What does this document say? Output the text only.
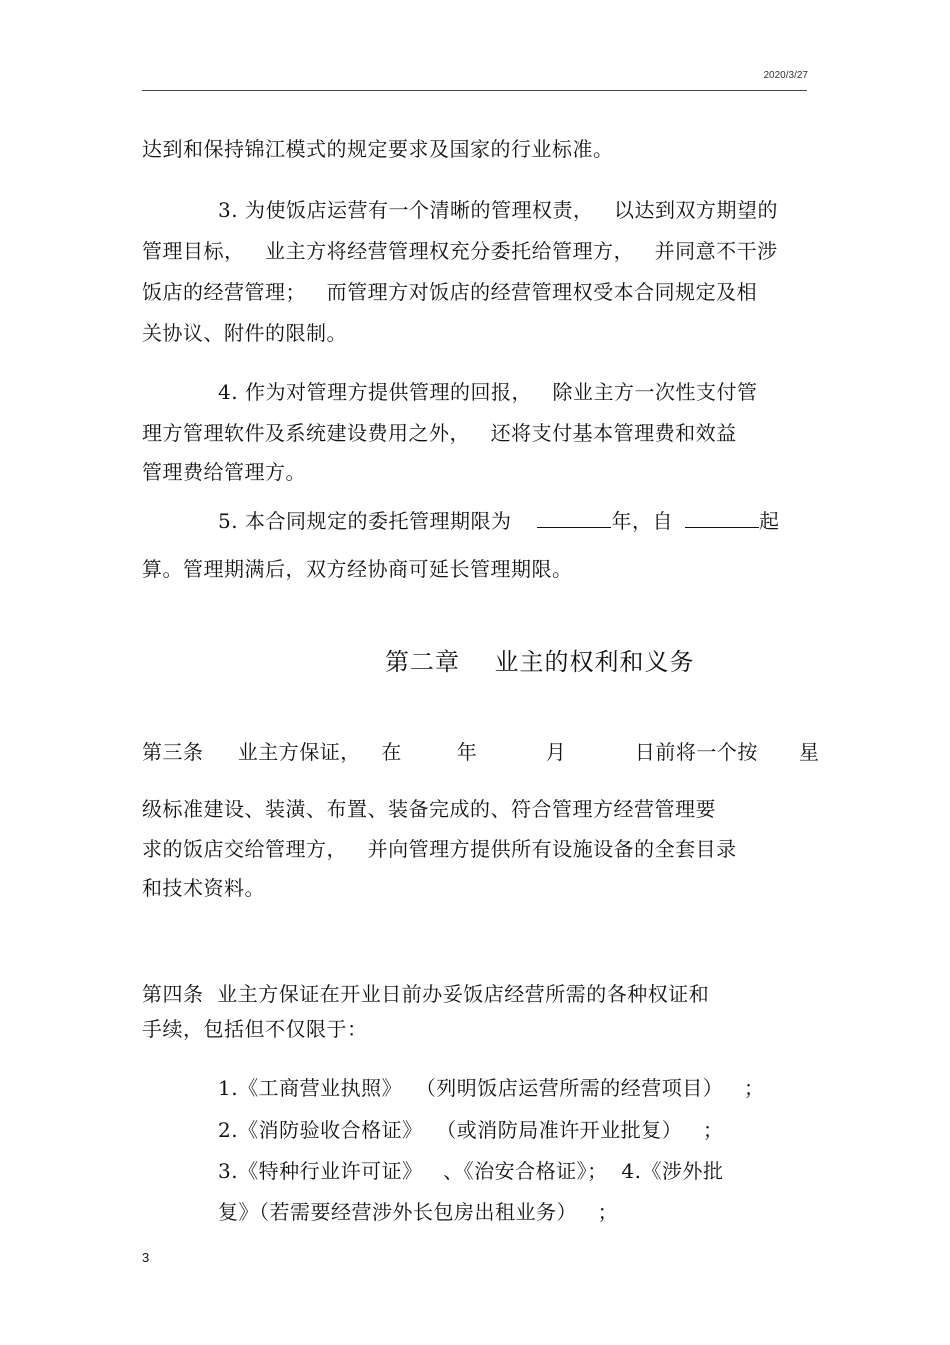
2020/3/27
达到和保持锦江模式的规定要求及国家的行业标准。
3. 为使饭店运营有一个清晰的管理权责，   以达到双方期望的
管理目标，   业主方将经营管理权充分委托给管理方，   并同意不干涉
饭店的经营管理；   而管理方对饭店的经营管理权受本合同规定及相
关协议、附件的限制。
4. 作为对管理方提供管理的回报，   除业主方一次性支付管
理方管理软件及系统建设费用之外，   还将支付基本管理费和效益
管理费给管理方。
5. 本合同规定的委托管理期限为	年，自	起
算。管理期满后，双方经协商可延长管理期限。
第二章    业主的权利和义务
第三条     业主方保证，   在        年          月          日前将一个按      星
级标准建设、装潢、布置、装备完成的、符合管理方经营管理要
求的饭店交给管理方，   并向管理方提供所有设施设备的全套目录
和技术资料。
第四条  业主方保证在开业日前办妥饭店经营所需的各种权证和
手续，包括但不仅限于：
1.《工商营业执照》  （列明饭店运营所需的经营项目）   ；
2.《消防验收合格证》  （或消防局准许开业批复）   ；
3.《特种行业许可证》   、《治安合格证》；  4.《涉外批
复》（若需要经营涉外长包房出租业务）   ；
3
